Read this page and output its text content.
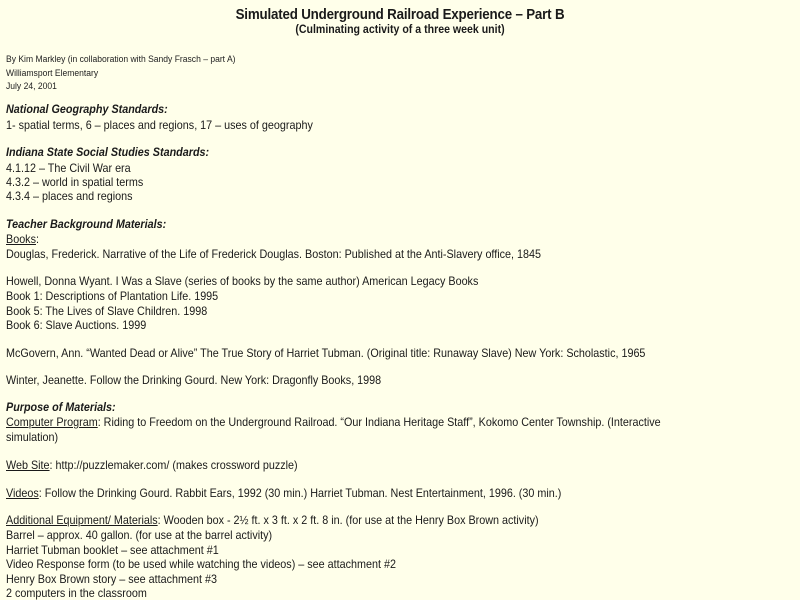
Simulated Underground Railroad Experience – Part B
(Culminating activity of a three week unit)
By Kim Markley (in collaboration with Sandy Frasch – part A)
Williamsport Elementary
July 24, 2001
National Geography Standards:
1- spatial terms, 6 – places and regions, 17 – uses of geography
Indiana State Social Studies Standards:
4.1.12 – The Civil War era
4.3.2 – world in spatial terms
4.3.4 – places and regions
Teacher Background Materials:
Books:
Douglas, Frederick. Narrative of the Life of Frederick Douglas. Boston: Published at the Anti-Slavery office, 1845
Howell, Donna Wyant. I Was a Slave (series of books by the same author) American Legacy Books
Book 1: Descriptions of Plantation Life. 1995
Book 5: The Lives of Slave Children. 1998
Book 6: Slave Auctions. 1999
McGovern, Ann. “Wanted Dead or Alive” The True Story of Harriet Tubman. (Original title: Runaway Slave) New York: Scholastic, 1965
Winter, Jeanette. Follow the Drinking Gourd. New York: Dragonfly Books, 1998
Purpose of Materials:
Computer Program: Riding to Freedom on the Underground Railroad. “Our Indiana Heritage Staff”, Kokomo Center Township. (Interactive
simulation)
Web Site: http://puzzlemaker.com/ (makes crossword puzzle)
Videos: Follow the Drinking Gourd. Rabbit Ears, 1992 (30 min.) Harriet Tubman. Nest Entertainment, 1996. (30 min.)
Additional Equipment/ Materials: Wooden box - 2½ ft. x 3 ft. x 2 ft. 8 in. (for use at the Henry Box Brown activity)
Barrel – approx. 40 gallon. (for use at the barrel activity)
Harriet Tubman booklet – see attachment #1
Video Response form (to be used while watching the videos) – see attachment #2
Henry Box Brown story – see attachment #3
2 computers in the classroom
